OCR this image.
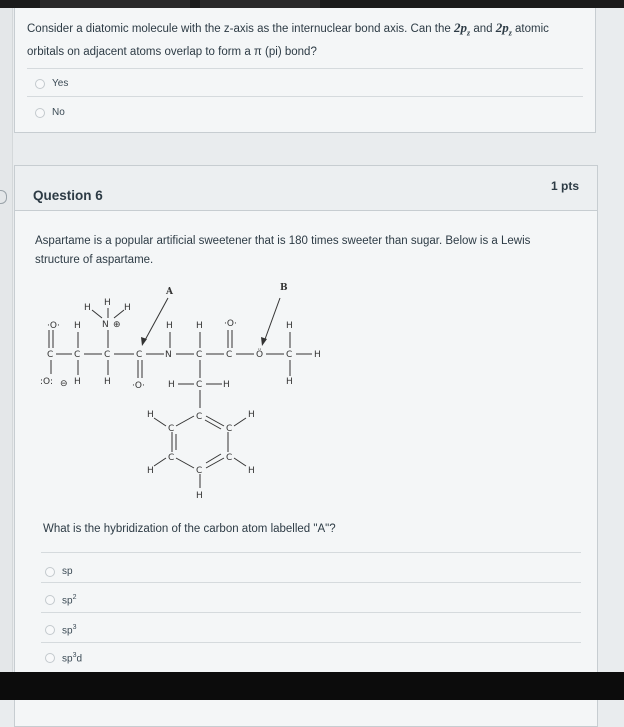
Consider a diatomic molecule with the z-axis as the internuclear bond axis. Can the $2p_z$ and $2p_z$ atomic orbitals on adjacent atoms overlap to form a π (pi) bond?
Yes
No
Question 6
1 pts
Aspartame is a popular artificial sweetener that is 180 times sweeter than sugar. Below is a Lewis structure of aspartame.
What is the hybridization of the carbon atom labelled "A"?
sp
$sp^2$
$sp^3$
$sp^3d$
·O·
C
:O: ⊖
H
C
H
H
H	H
N ⊕
C
H
A
C
·O·
H
N
H
C
H C H
·O·
C
B
Ö
H
C H
H
C
C	C
C	C
C
H	H
H	H
H
